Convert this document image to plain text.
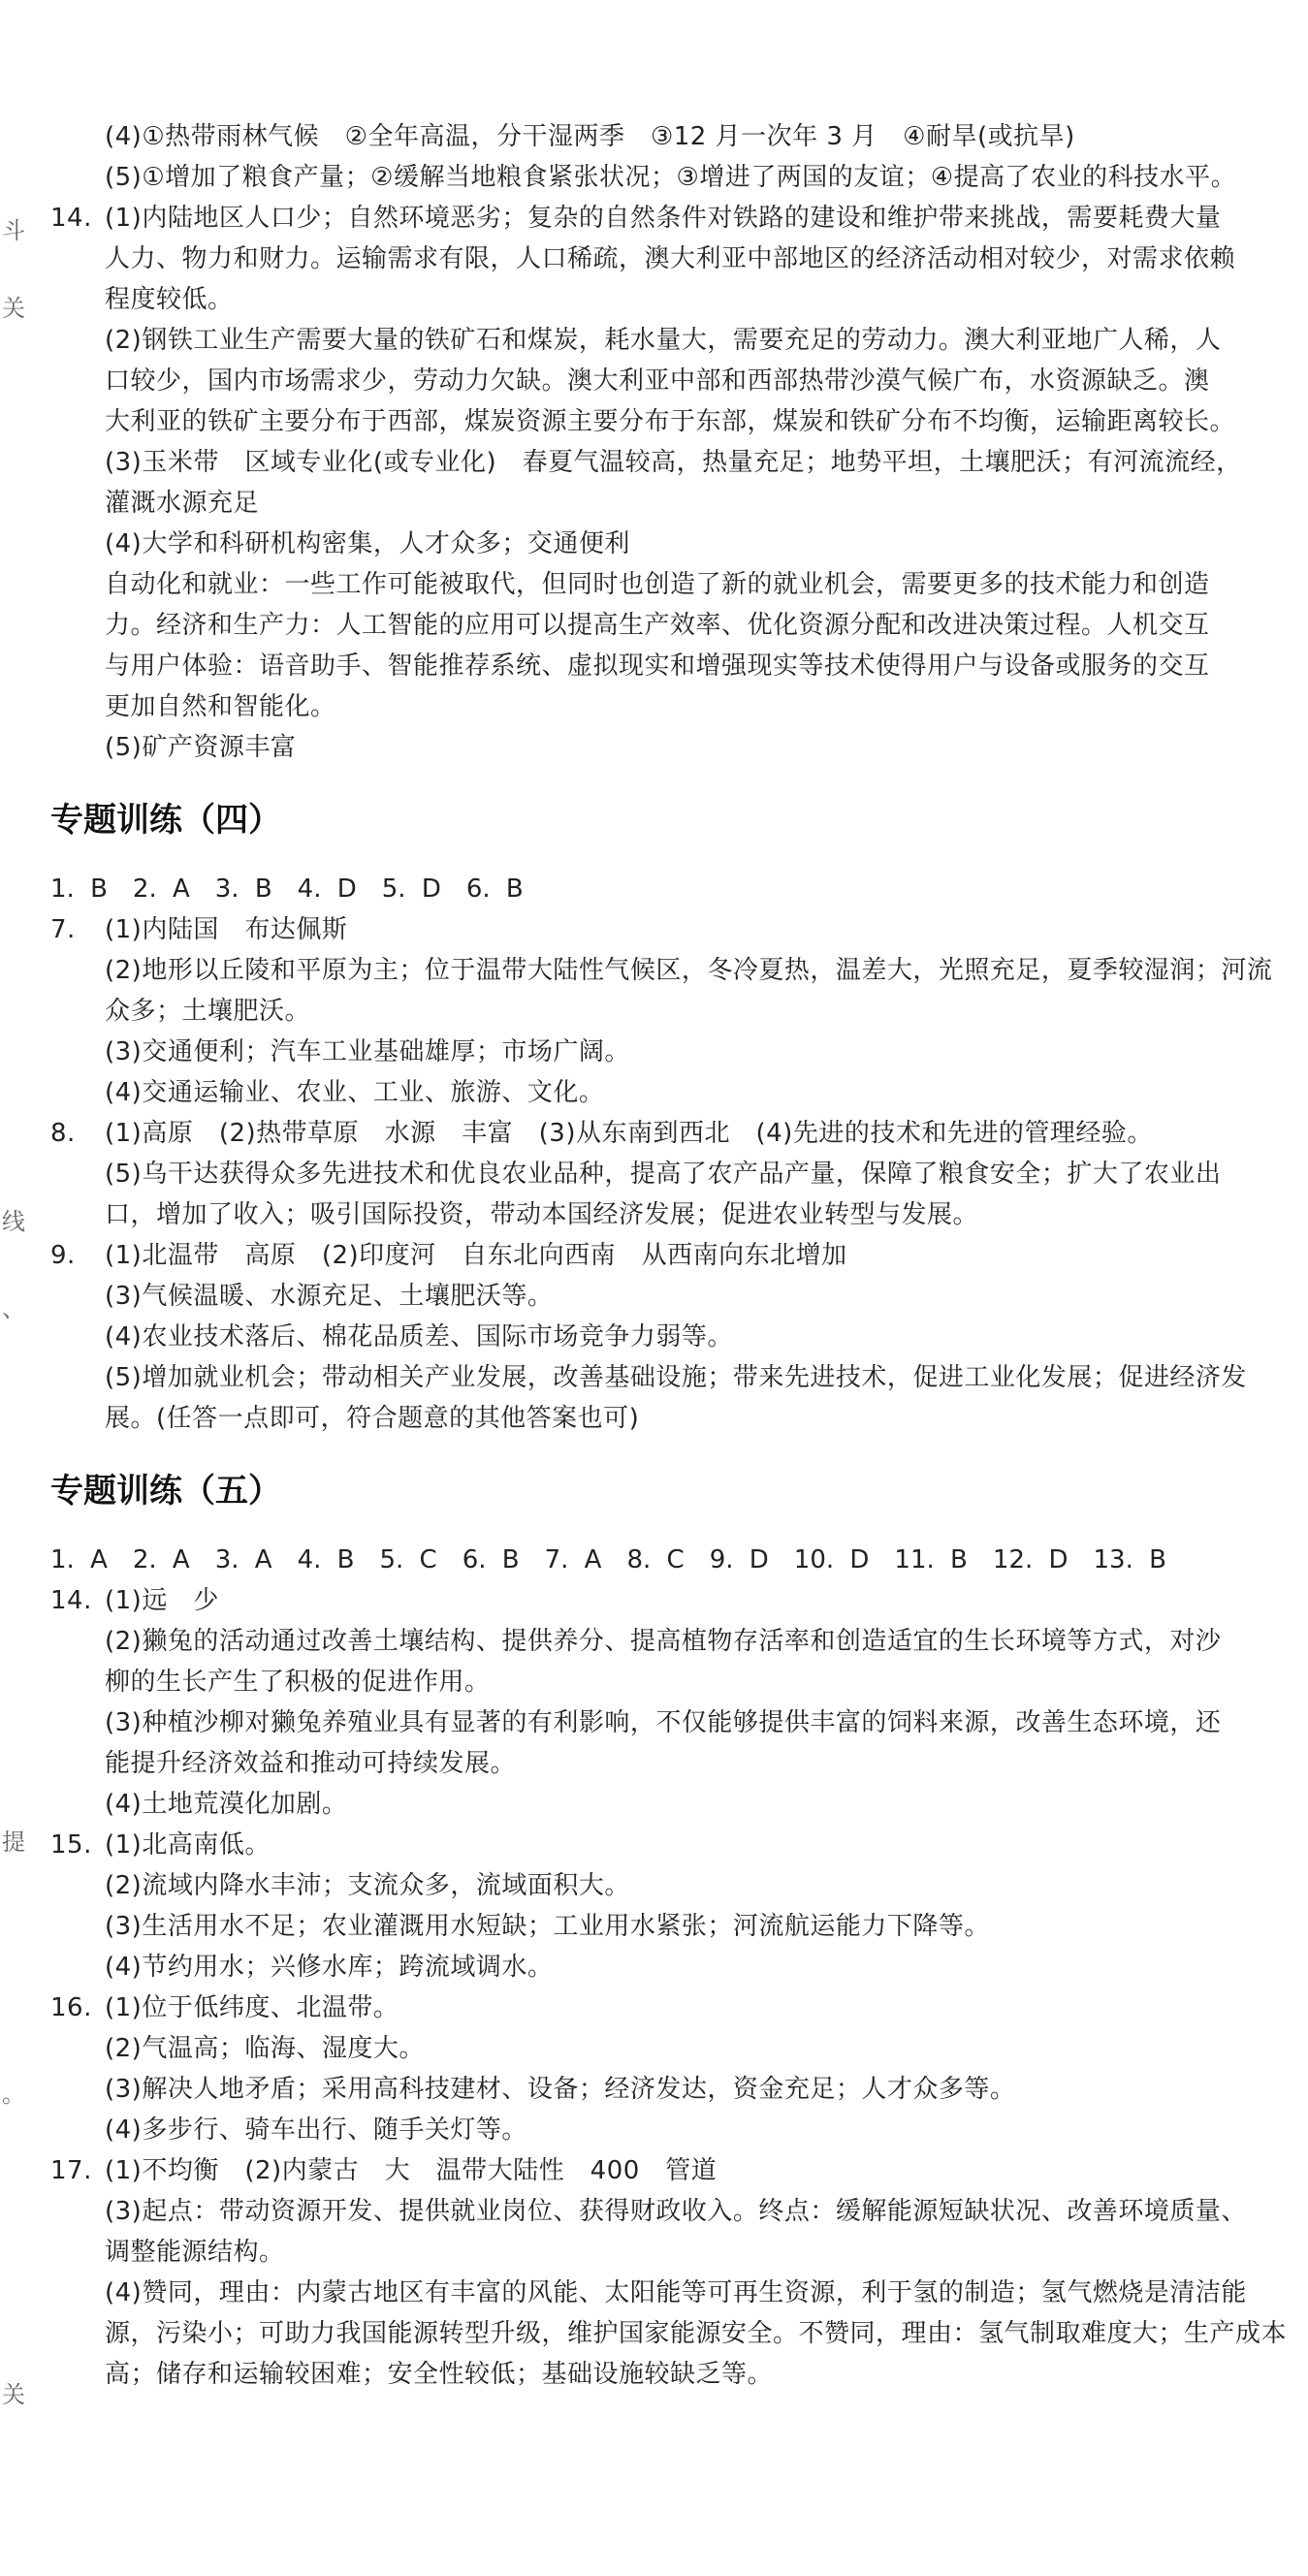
斗
关
线
、
提
。
关
(4)①热带雨林气候　②全年高温，分干湿两季　③12 月一次年 3 月　④耐旱(或抗旱)
(5)①增加了粮食产量；②缓解当地粮食紧张状况；③增进了两国的友谊；④提高了农业的科技水平。
14. (1)内陆地区人口少；自然环境恶劣；复杂的自然条件对铁路的建设和维护带来挑战，需要耗费大量
人力、物力和财力。运输需求有限，人口稀疏，澳大利亚中部地区的经济活动相对较少，对需求依赖
程度较低。
(2)钢铁工业生产需要大量的铁矿石和煤炭，耗水量大，需要充足的劳动力。澳大利亚地广人稀，人
口较少，国内市场需求少，劳动力欠缺。澳大利亚中部和西部热带沙漠气候广布，水资源缺乏。澳
大利亚的铁矿主要分布于西部，煤炭资源主要分布于东部，煤炭和铁矿分布不均衡，运输距离较长。
(3)玉米带　区域专业化(或专业化)　春夏气温较高，热量充足；地势平坦，土壤肥沃；有河流流经，
灌溉水源充足
(4)大学和科研机构密集，人才众多；交通便利
自动化和就业：一些工作可能被取代，但同时也创造了新的就业机会，需要更多的技术能力和创造
力。经济和生产力：人工智能的应用可以提高生产效率、优化资源分配和改进决策过程。人机交互
与用户体验：语音助手、智能推荐系统、虚拟现实和增强现实等技术使得用户与设备或服务的交互
更加自然和智能化。
(5)矿产资源丰富
专题训练（四）
1. B　2. A　3. B　4. D　5. D　6. B
7. (1)内陆国　布达佩斯
(2)地形以丘陵和平原为主；位于温带大陆性气候区，冬冷夏热，温差大，光照充足，夏季较湿润；河流
众多；土壤肥沃。
(3)交通便利；汽车工业基础雄厚；市场广阔。
(4)交通运输业、农业、工业、旅游、文化。
8. (1)高原　(2)热带草原　水源　丰富　(3)从东南到西北　(4)先进的技术和先进的管理经验。
(5)乌干达获得众多先进技术和优良农业品种，提高了农产品产量，保障了粮食安全；扩大了农业出
口，增加了收入；吸引国际投资，带动本国经济发展；促进农业转型与发展。
9. (1)北温带　高原　(2)印度河　自东北向西南　从西南向东北增加
(3)气候温暖、水源充足、土壤肥沃等。
(4)农业技术落后、棉花品质差、国际市场竞争力弱等。
(5)增加就业机会；带动相关产业发展，改善基础设施；带来先进技术，促进工业化发展；促进经济发
展。(任答一点即可，符合题意的其他答案也可)
专题训练（五）
1. A　2. A　3. A　4. B　5. C　6. B　7. A　8. C　9. D　10. D　11. B　12. D　13. B
14. (1)远　少
(2)獭兔的活动通过改善土壤结构、提供养分、提高植物存活率和创造适宜的生长环境等方式，对沙
柳的生长产生了积极的促进作用。
(3)种植沙柳对獭兔养殖业具有显著的有利影响，不仅能够提供丰富的饲料来源，改善生态环境，还
能提升经济效益和推动可持续发展。
(4)土地荒漠化加剧。
15. (1)北高南低。
(2)流域内降水丰沛；支流众多，流域面积大。
(3)生活用水不足；农业灌溉用水短缺；工业用水紧张；河流航运能力下降等。
(4)节约用水；兴修水库；跨流域调水。
16. (1)位于低纬度、北温带。
(2)气温高；临海、湿度大。
(3)解决人地矛盾；采用高科技建材、设备；经济发达，资金充足；人才众多等。
(4)多步行、骑车出行、随手关灯等。
17. (1)不均衡　(2)内蒙古　大　温带大陆性　400　管道
(3)起点：带动资源开发、提供就业岗位、获得财政收入。终点：缓解能源短缺状况、改善环境质量、
调整能源结构。
(4)赞同，理由：内蒙古地区有丰富的风能、太阳能等可再生资源，利于氢的制造；氢气燃烧是清洁能
源，污染小；可助力我国能源转型升级，维护国家能源安全。不赞同，理由：氢气制取难度大；生产成本
高；储存和运输较困难；安全性较低；基础设施较缺乏等。
